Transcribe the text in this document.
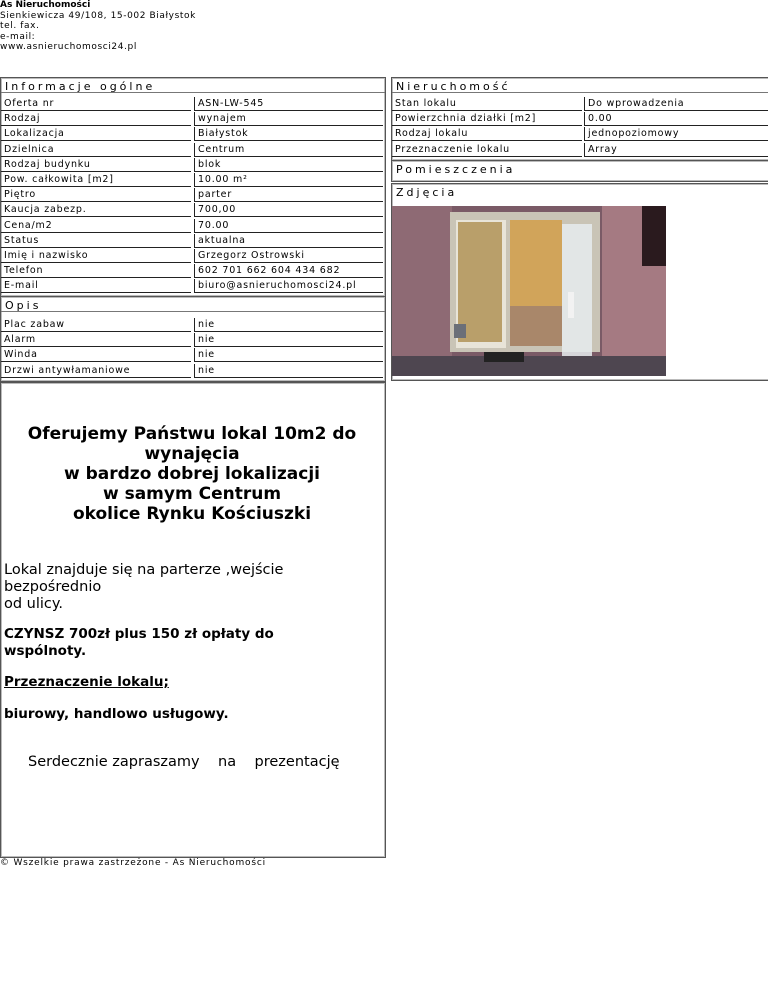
As Nieruchomości
Sienkiewicza 49/108, 15-002 Białystok
tel. fax.
e-mail:
www.asnieruchomosci24.pl
Informacje ogólne
Oferta nr	ASN-LW-545
Rodzaj	wynajem
Lokalizacja	Białystok
Dzielnica	Centrum
Rodzaj budynku	blok
Pow. całkowita [m2]	10.00 m²
Piętro	parter
Kaucja zabezp.	700,00
Cena/m2	70.00
Status	aktualna
Imię i nazwisko	Grzegorz Ostrowski
Telefon	602 701 662 604 434 682
E-mail	biuro@asnieruchomosci24.pl
Opis
Plac zabaw	nie
Alarm	nie
Winda	nie
Drzwi antywłamaniowe	nie
Oferujemy Państwu lokal 10m2 do
wynajęcia
w bardzo dobrej lokalizacji
w samym Centrum
okolice Rynku Kościuszki
Lokal znajduje się na parterze ,wejście
bezpośrednio
od ulicy.
CZYNSZ 700zł plus 150 zł opłaty do
wspólnoty.
Przeznaczenie lokalu;
biurowy, handlowo usługowy.
Serdecznie zapraszamy    na    prezentację
Nieruchomość
Stan lokalu	Do wprowadzenia
Powierzchnia działki [m2]	0.00
Rodzaj lokalu	jednopoziomowy
Przeznaczenie lokalu	Array
Pomieszczenia
Zdjęcia
© Wszelkie prawa zastrzeżone - As Nieruchomości
